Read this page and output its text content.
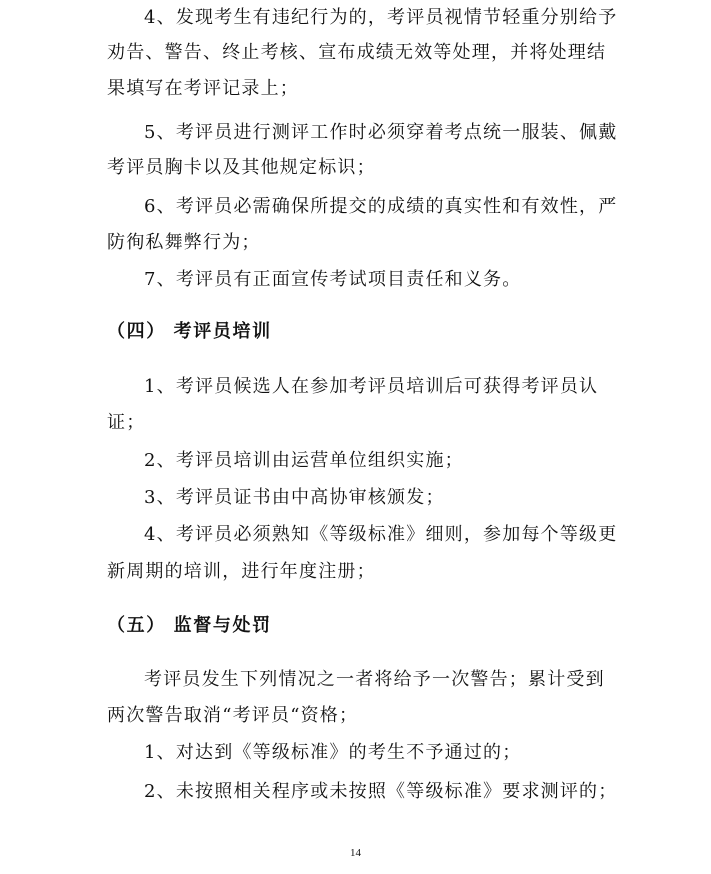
4、发现考生有违纪行为的，考评员视情节轻重分别给予
劝告、警告、终止考核、宣布成绩无效等处理，并将处理结
果填写在考评记录上；
5、考评员进行测评工作时必须穿着考点统一服装、佩戴
考评员胸卡以及其他规定标识；
6、考评员必需确保所提交的成绩的真实性和有效性，严
防徇私舞弊行为；
7、考评员有正面宣传考试项目责任和义务。
（四） 考评员培训
1、考评员候选人在参加考评员培训后可获得考评员认
证；
2、考评员培训由运营单位组织实施；
3、考评员证书由中高协审核颁发；
4、考评员必须熟知《等级标准》细则，参加每个等级更
新周期的培训，进行年度注册；
（五） 监督与处罚
考评员发生下列情况之一者将给予一次警告；累计受到
两次警告取消“考评员“资格；
1、对达到《等级标准》的考生不予通过的；
2、未按照相关程序或未按照《等级标准》要求测评的；
14
